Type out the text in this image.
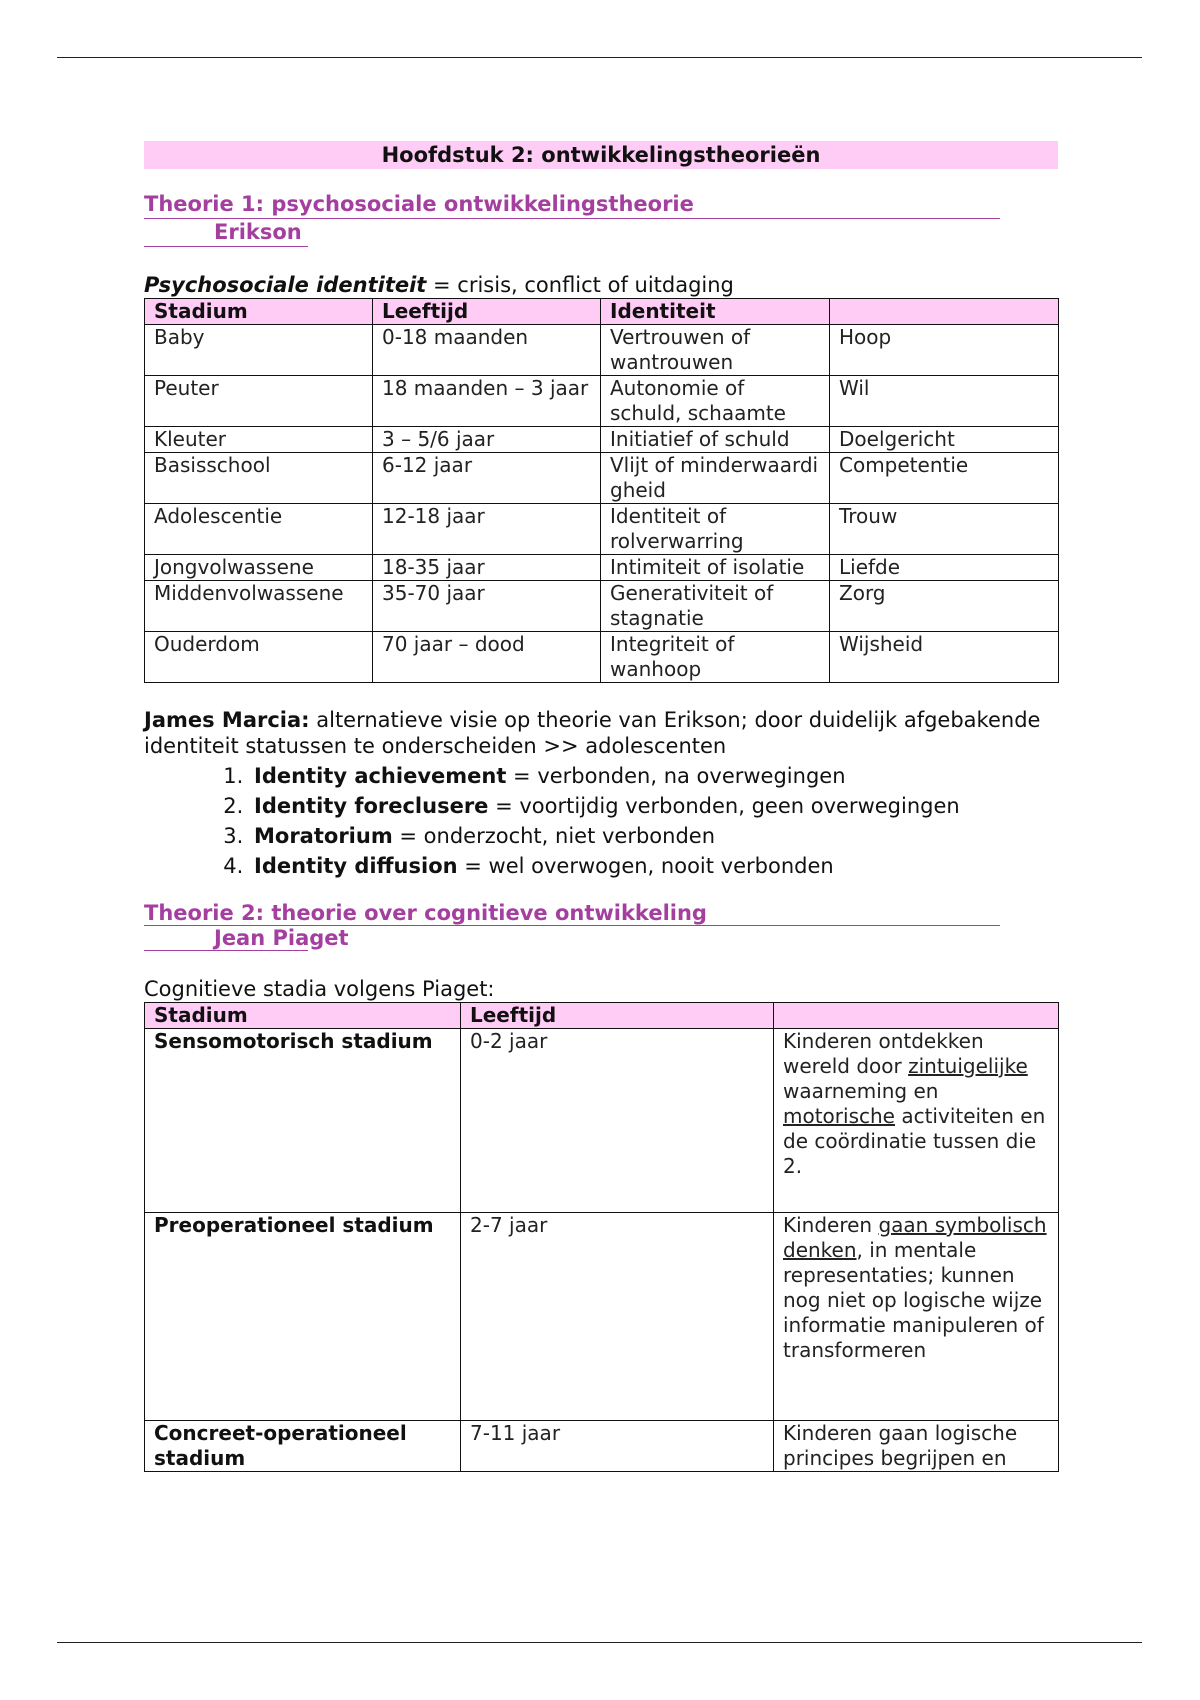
Hoofdstuk 2: ontwikkelingstheorieën
Theorie 1: psychosociale ontwikkelingstheorie
Erikson
Psychosociale identiteit = crisis, conflict of uitdaging
Stadium	Leeftijd	Identiteit	
Baby	0-18 maanden	Vertrouwen of wantrouwen	Hoop
Peuter	18 maanden – 3 jaar	Autonomie of schuld, schaamte	Wil
Kleuter	3 – 5/6 jaar	Initiatief of schuld	Doelgericht
Basisschool	6-12 jaar	Vlijt of minderwaardigheid	Competentie
Adolescentie	12-18 jaar	Identiteit of rolverwarring	Trouw
Jongvolwassene	18-35 jaar	Intimiteit of isolatie	Liefde
Middenvolwassene	35-70 jaar	Generativiteit of stagnatie	Zorg
Ouderdom	70 jaar – dood	Integriteit of wanhoop	Wijsheid
James Marcia: alternatieve visie op theorie van Erikson; door duidelijk afgebakende identiteit statussen te onderscheiden >> adolescenten
1. Identity achievement = verbonden, na overwegingen
2. Identity foreclusere = voortijdig verbonden, geen overwegingen
3. Moratorium = onderzocht, niet verbonden
4. Identity diffusion = wel overwogen, nooit verbonden
Theorie 2: theorie over cognitieve ontwikkeling
Jean Piaget
Cognitieve stadia volgens Piaget:
Stadium	Leeftijd	
Sensomotorisch stadium	0-2 jaar	Kinderen ontdekken wereld door zintuigelijke waarneming en motorische activiteiten en de coördinatie tussen die 2.
Preoperationeel stadium	2-7 jaar	Kinderen gaan symbolisch denken, in mentale representaties; kunnen nog niet op logische wijze informatie manipuleren of transformeren
Concreet-operationeel stadium	7-11 jaar	Kinderen gaan logische principes begrijpen en
